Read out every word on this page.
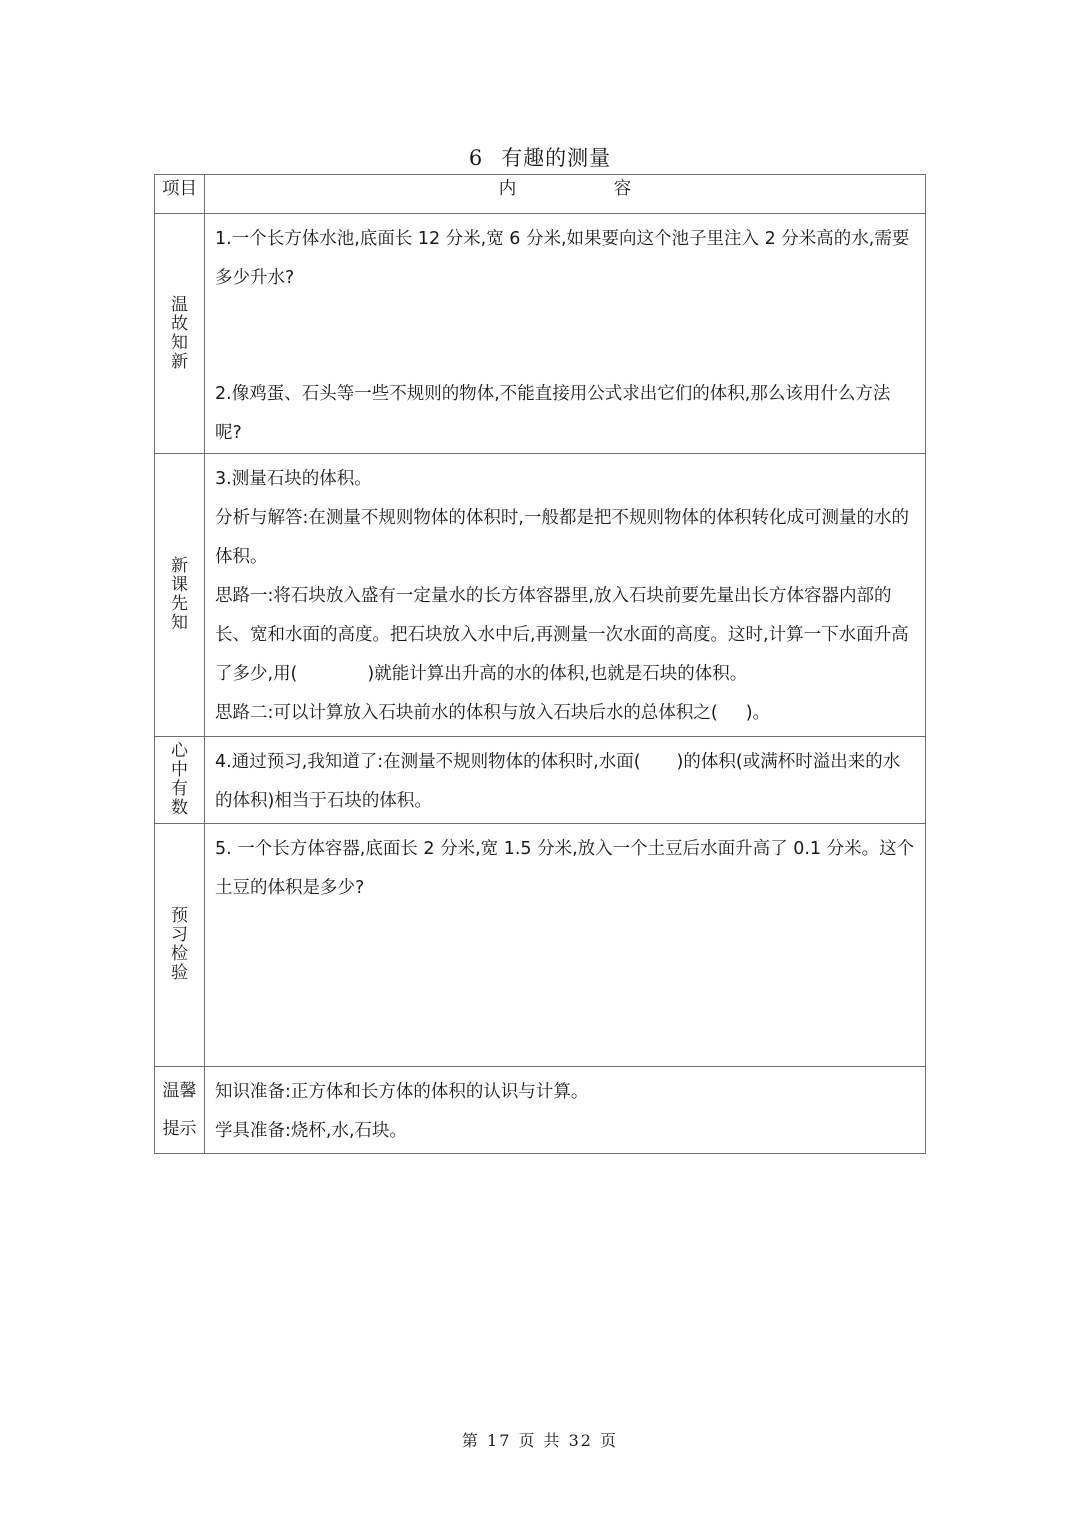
6 有趣的测量
项目	内　容

温故知新	1.一个长方体水池,底面长 12 分米,宽 6 分米,如果要向这个池子里注入 2 分米高的水,需要多少升水?
2.像鸡蛋、石头等一些不规则的物体,不能直接用公式求出它们的体积,那么该用什么方法呢?

新课先知	3.测量石块的体积。
分析与解答:在测量不规则物体的体积时,一般都是把不规则物体的体积转化成可测量的水的体积。
思路一:将石块放入盛有一定量水的长方体容器里,放入石块前要先量出长方体容器内部的长、宽和水面的高度。把石块放入水中后,再测量一次水面的高度。这时,计算一下水面升高了多少,用( )就能计算出升高的水的体积,也就是石块的体积。
思路二:可以计算放入石块前水的体积与放入石块后水的总体积之( )。

心中有数	4.通过预习,我知道了:在测量不规则物体的体积时,水面( )的体积(或满杯时溢出来的水的体积)相当于石块的体积。

预习检验	5. 一个长方体容器,底面长 2 分米,宽 1.5 分米,放入一个土豆后水面升高了 0.1 分米。这个土豆的体积是多少?

温馨提示	知识准备:正方体和长方体的体积的认识与计算。
学具准备:烧杯,水,石块。
第 17 页 共 32 页
